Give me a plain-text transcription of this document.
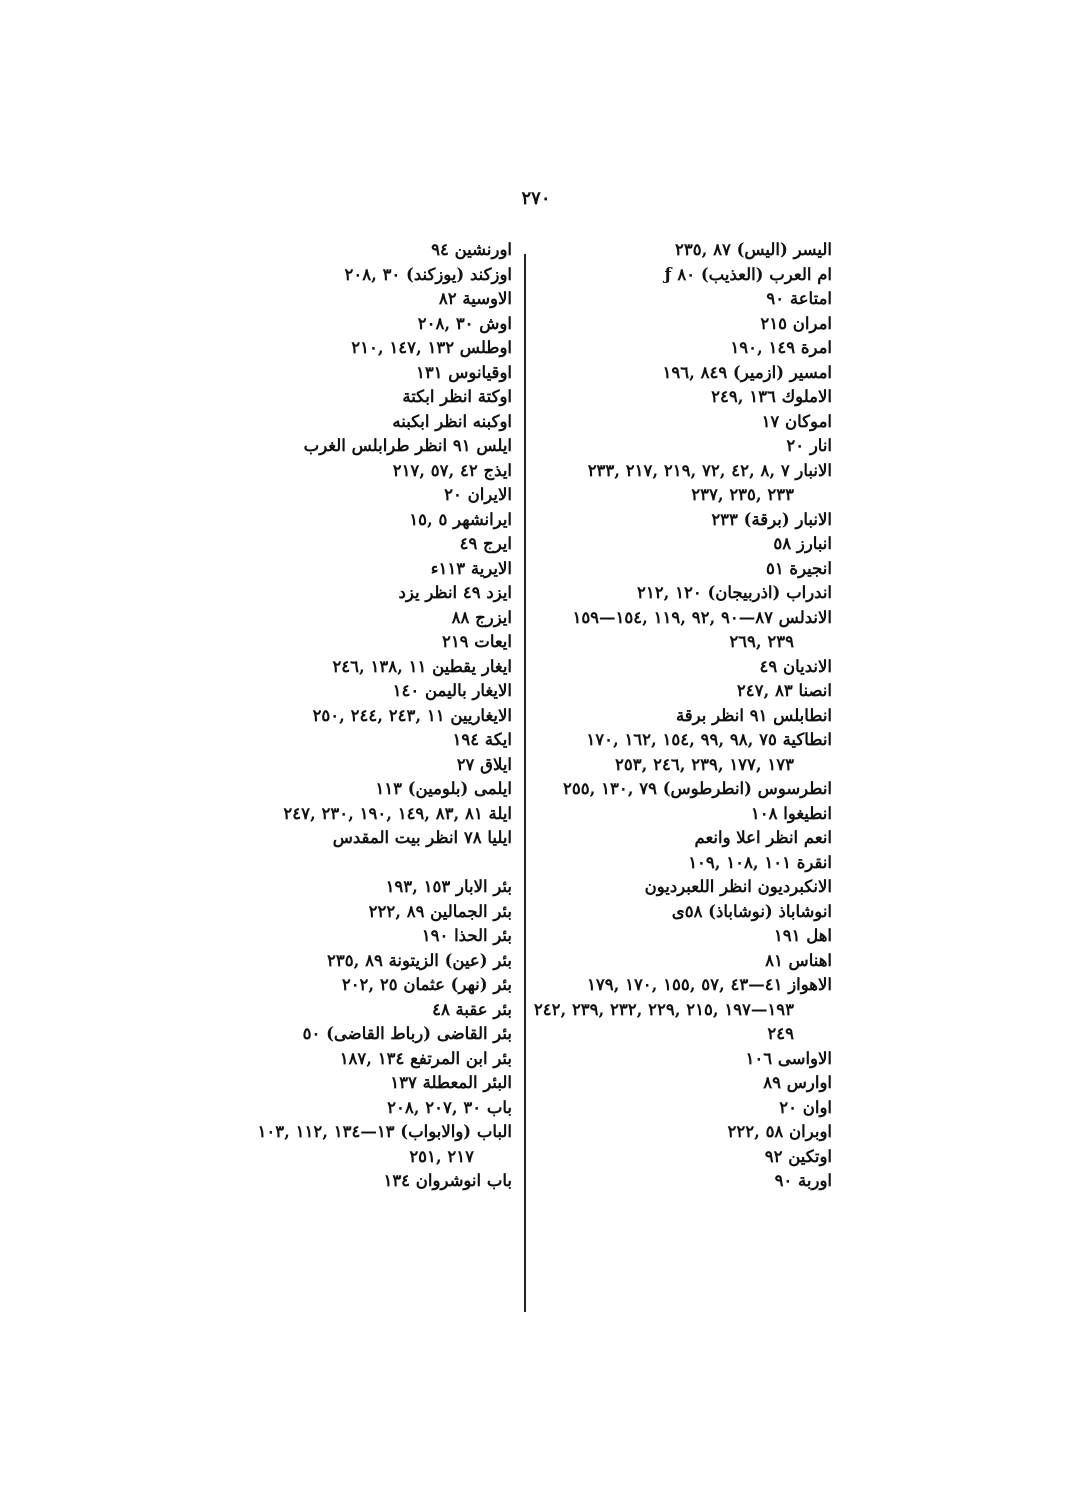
٢٧٠
اليسر (اليس) ٨٧ ,٢٣٥
ام العرب (العذيب) ٨٠ ƒ
امتاعة ٩٠
امران ٢١٥
امرة ١٤٩ ,١٩٠
امسير (ازمير) ٨٤٩ ,١٩٦
الاملوك ١٣٦ ,٢٤٩
اموكان ١٧
انار ٢٠
الانبار ٧ ,٨ ,٤٢ ,٧٢ ,٢١٩ ,٢١٧ ,٢٣٣
٢٣٣ ,٢٣٥ ,٢٣٧
الانبار (برقة) ٢٣٣
انبارز ٥٨
انجيرة ٥١
اندراب (اذربيجان) ١٢٠ ,٢١٢
الاندلس ٨٧—٩٠ ,٩٢ ,١١٩ ,١٥٤—١٥٩
٢٣٩ ,٢٦٩
الانديان ٤٩
انصنا ٨٣ ,٢٤٧
انطابلس ٩١ انظر برقة
انطاكية ٧٥ ,٩٨ ,٩٩ ,١٥٤ ,١٦٢ ,١٧٠
١٧٣ ,١٧٧ ,٢٣٩ ,٢٤٦ ,٢٥٣
انطرسوس (انطرطوس) ٧٩ ,١٣٠ ,٢٥٥
انطيغوا ١٠٨
انعم انظر اعلا وانعم
انقرة ١٠١ ,١٠٨ ,١٠٩
الانكبرديون انظر اللعبرديون
انوشاباذ (نوشاباذ) ٥٨ی
اهل ١٩١
اهناس ٨١
الاهواز ٤١—٤٣ ,٥٧ ,١٥٥ ,١٧٠ ,١٧٩
١٩٣—١٩٧ ,٢١٥ ,٢٢٩ ,٢٣٢ ,٢٣٩ ,٢٤٢
٢٤٩
الاواسی ١٠٦
اوارس ٨٩
اوان ٢٠
اوبران ٥٨ ,٢٢٢
اوتكين ٩٢
اوربة ٩٠
اورنشين ٩٤
اوزكند (يوزكند) ٣٠ ,٢٠٨
الاوسية ٨٢
اوش ٣٠ ,٢٠٨
اوطلس ١٣٢ ,١٤٧ ,٢١٠
اوقيانوس ١٣١
اوكتة انظر ابكتة
اوكبنه انظر ابكبنه
ايلس ٩١ انظر طرابلس الغرب
ايذج ٤٢ ,٥٧ ,٢١٧
الايران ٢٠
ايرانشهر ٥ ,١٥
ايرج ٤٩
الايرية ١١٣ء
ايزد ٤٩ انظر يزد
ايزرج ٨٨
ايعات ٢١٩
ايغار يقطين ١١ ,١٣٨ ,٢٤٦
الايغار باليمن ١٤٠
الايغاريين ١١ ,٢٤٣ ,٢٤٤ ,٢٥٠
ايكة ١٩٤
ايلاق ٢٧
ايلمى (بلومين) ١١٣
ايلة ٨١ ,٨٣ ,١٤٩ ,١٩٠ ,٢٣٠ ,٢٤٧
ايليا ٧٨ انظر بيت المقدس
بئر الابار ١٥٣ ,١٩٣
بئر الجمالين ٨٩ ,٢٢٢
بئر الحذا ١٩٠
بئر (عين) الزيتونة ٨٩ ,٢٣٥
بئر (نهر) عثمان ٢٥ ,٢٠٢
بئر عقبة ٤٨
بئر القاضى (رباط القاضى) ٥٠
بئر ابن المرتفع ١٣٤ ,١٨٧
البئر المعطلة ١٣٧
باب ٣٠ ,٢٠٧ ,٢٠٨
الباب (والابواب) ١٣—١٣٤ ,١١٢ ,١٠٣
٢١٧ ,٢٥١
باب انوشروان ١٣٤
